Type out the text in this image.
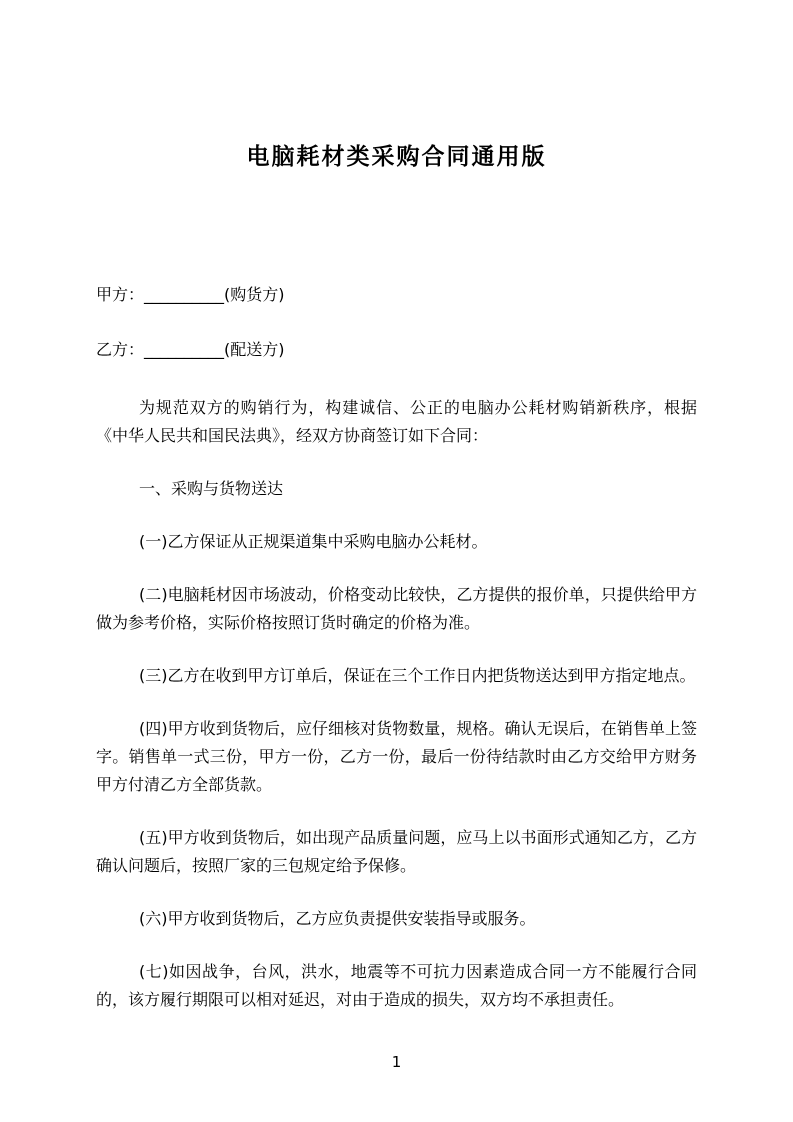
电脑耗材类采购合同通用版

甲方：__________(购货方)

乙方：__________(配送方)

为规范双方的购销行为，构建诚信、公正的电脑办公耗材购销新秩序，根据《中华人民共和国民法典》，经双方协商签订如下合同：

一、采购与货物送达

(一)乙方保证从正规渠道集中采购电脑办公耗材。

(二)电脑耗材因市场波动，价格变动比较快，乙方提供的报价单，只提供给甲方做为参考价格，实际价格按照订货时确定的价格为准。

(三)乙方在收到甲方订单后，保证在三个工作日内把货物送达到甲方指定地点。

(四)甲方收到货物后，应仔细核对货物数量，规格。确认无误后，在销售单上签字。销售单一式三份，甲方一份，乙方一份，最后一份待结款时由乙方交给甲方财务甲方付清乙方全部货款。

(五)甲方收到货物后，如出现产品质量问题，应马上以书面形式通知乙方，乙方确认问题后，按照厂家的三包规定给予保修。

(六)甲方收到货物后，乙方应负责提供安装指导或服务。

(七)如因战争，台风，洪水，地震等不可抗力因素造成合同一方不能履行合同的，该方履行期限可以相对延迟，对由于造成的损失，双方均不承担责任。

1
